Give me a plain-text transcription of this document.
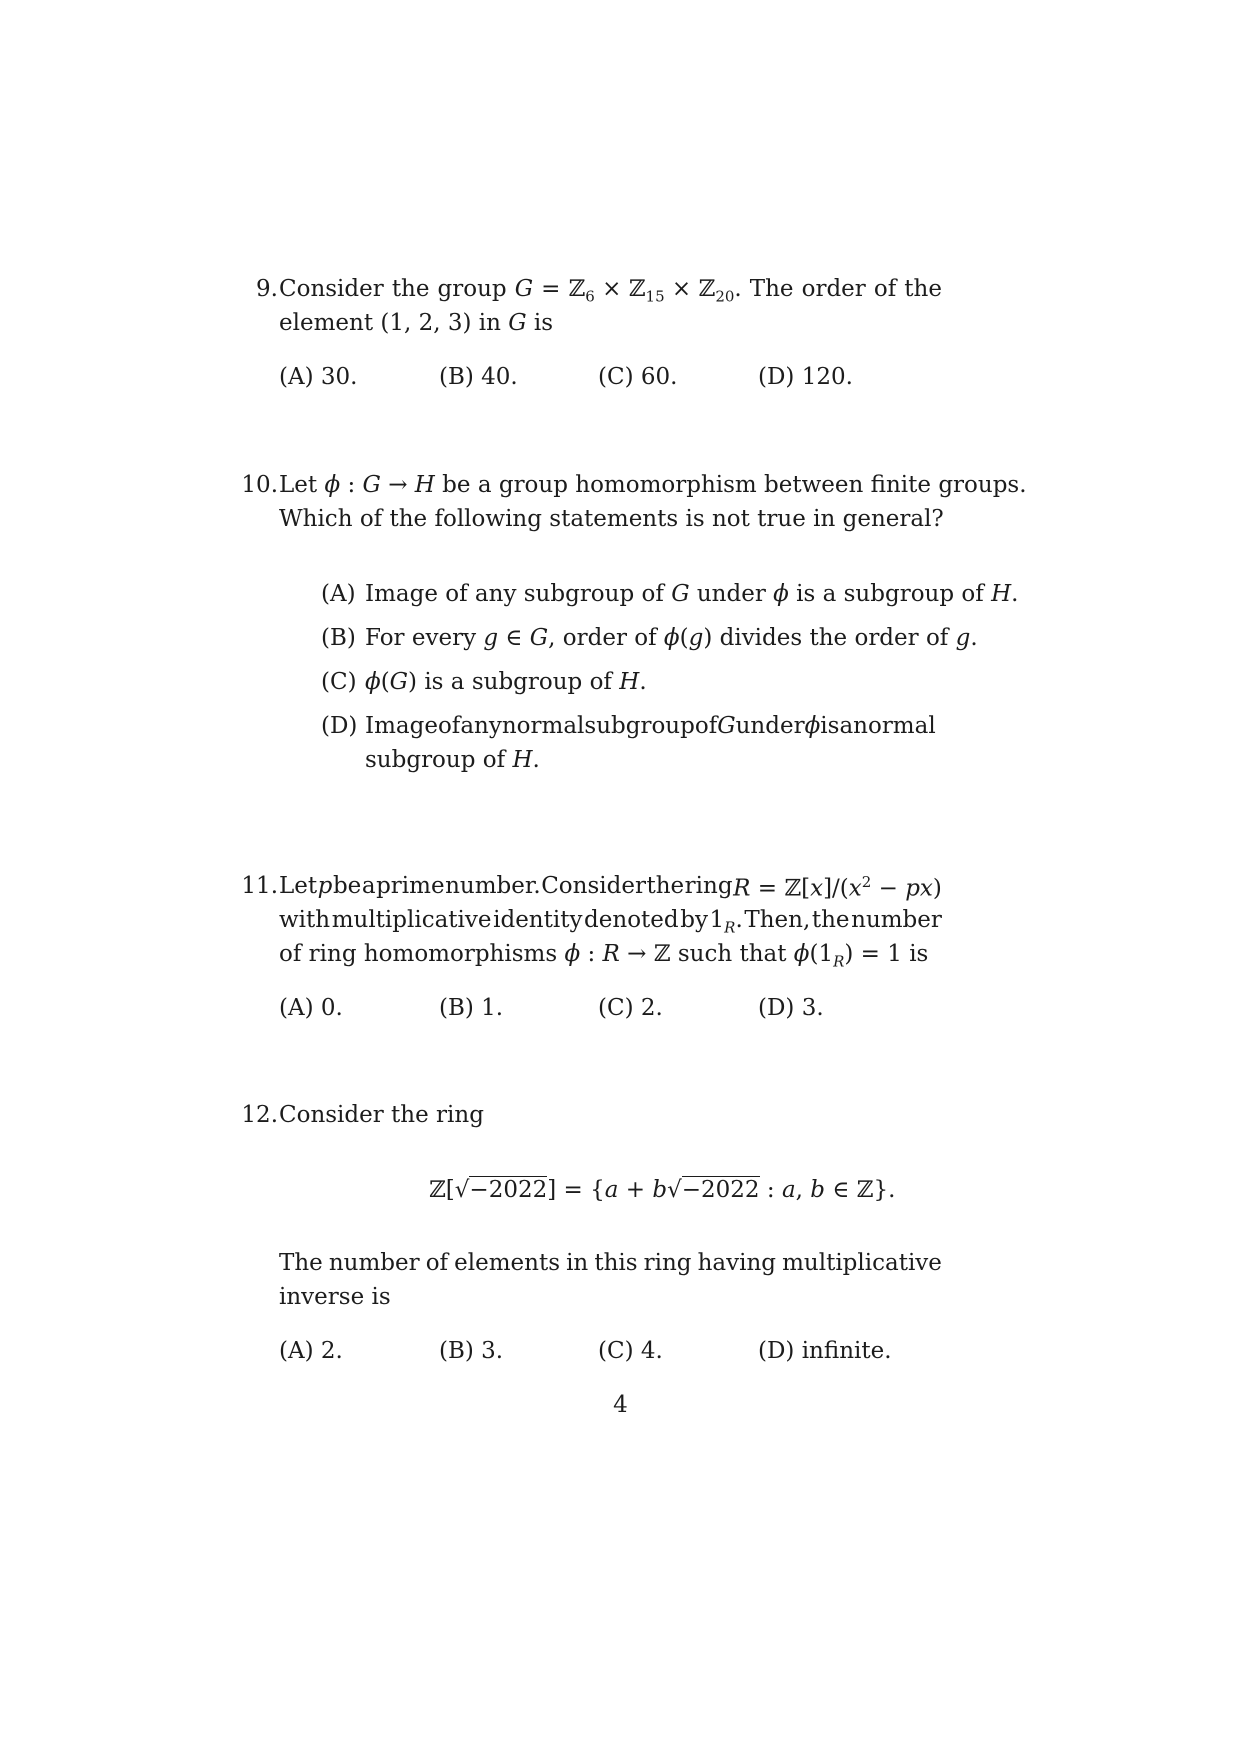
9. Consider the group G = ℤ$_6$ × ℤ$_{15}$ × ℤ$_{20}$. The order of the
element (1, 2, 3) in G is
(A) 30.	(B) 40.	(C) 60.	(D) 120.
10. Let ϕ : G → H be a group homomorphism between finite groups.
Which of the following statements is not true in general?
(A) Image of any subgroup of G under ϕ is a subgroup of H.
(B) For every g ∈ G, order of ϕ(g) divides the order of g.
(C) ϕ(G) is a subgroup of H.
(D) Image of any normal subgroup of G under ϕ is a normal
subgroup of H.
11. Let p be a prime number. Consider the ring $R = ℤ[x]/(x^2 - px)$
with multiplicative identity denoted by $1_R$. Then, the number
of ring homomorphisms ϕ : R → ℤ such that $\phi(1_R) = 1$ is
(A) 0.	(B) 1.	(C) 2.	(D) 3.
12. Consider the ring
ℤ[√−2022] = {a + b√−2022 : a, b ∈ ℤ}.
The number of elements in this ring having multiplicative
inverse is
(A) 2.	(B) 3.	(C) 4.	(D) infinite.
4
